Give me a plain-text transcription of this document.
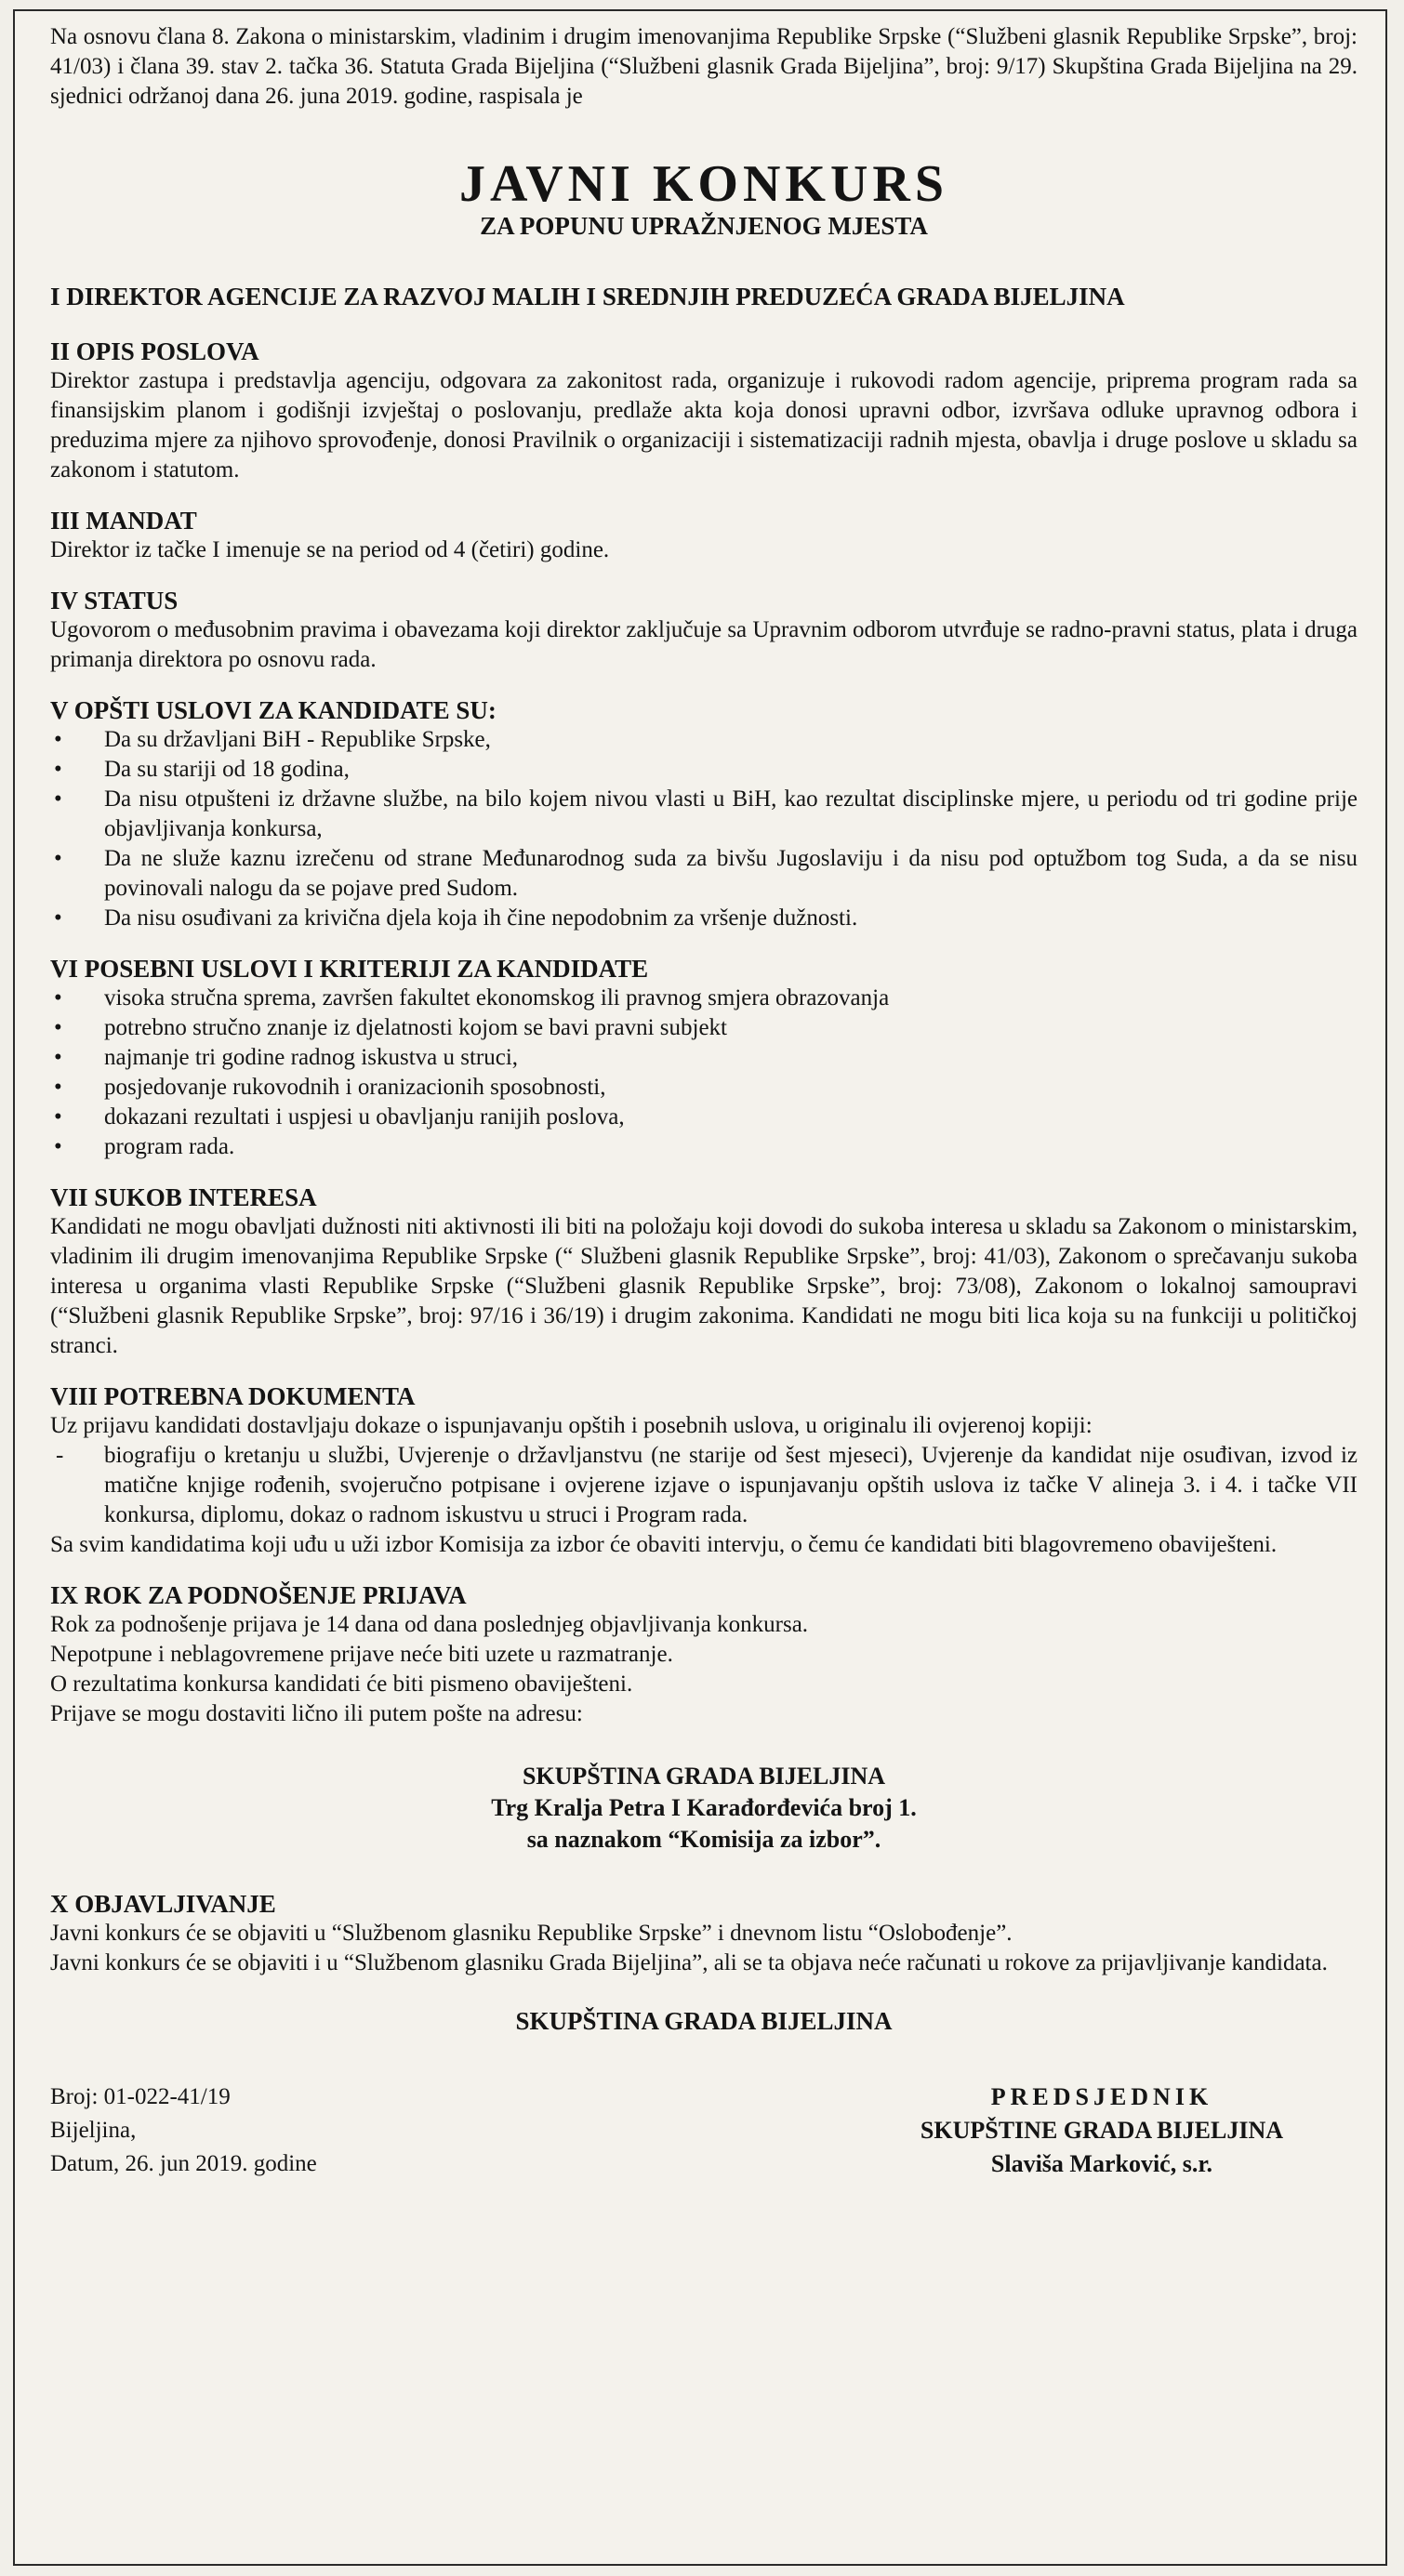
Na osnovu člana 8. Zakona o ministarskim, vladinim i drugim imenovanjima Republike Srpske (“Službeni glasnik Republike Srpske”, broj: 41/03) i člana 39. stav 2. tačka 36. Statuta Grada Bijeljina (“Službeni glasnik Grada Bijeljina”, broj: 9/17) Skupština Grada Bijeljina na 29. sjednici održanoj dana 26. juna 2019. godine, raspisala je

JAVNI KONKURS
ZA POPUNU UPRAŽNJENOG MJESTA
I DIREKTOR AGENCIJE ZA RAZVOJ MALIH I SREDNJIH PREDUZEĆA GRADA BIJELJINA
II OPIS POSLOVA

Direktor zastupa i predstavlja agenciju, odgovara za zakonitost rada, organizuje i rukovodi radom agencije, priprema program rada sa finansijskim planom i godišnji izvještaj o poslovanju, predlaže akta koja donosi upravni odbor, izvršava odluke upravnog odbora i preduzima mjere za njihovo sprovođenje, donosi Pravilnik o organizaciji i sistematizaciji radnih mjesta, obavlja i druge poslove u skladu sa zakonom i statutom.

III MANDAT

Direktor iz tačke I imenuje se na period od 4 (četiri) godine.

IV STATUS

Ugovorom o međusobnim pravima i obavezama koji direktor zaključuje sa Upravnim odborom utvrđuje se radno-pravni status, plata i druga primanja direktora po osnovu rada.

V OPŠTI USLOVI ZA KANDIDATE SU:
• Da su državljani BiH - Republike Srpske,
• Da su stariji od 18 godina,
• Da nisu otpušteni iz državne službe, na bilo kojem nivou vlasti u BiH, kao rezultat disciplinske mjere, u periodu od tri godine prije objavljivanja konkursa,
• Da ne služe kaznu izrečenu od strane Međunarodnog suda za bivšu Jugoslaviju i da nisu pod optužbom tog Suda, a da se nisu povinovali nalogu da se pojave pred Sudom.
• Da nisu osuđivani za krivična djela koja ih čine nepodobnim za vršenje dužnosti.
VI POSEBNI USLOVI I KRITERIJI ZA KANDIDATE
• visoka stručna sprema, završen fakultet ekonomskog ili pravnog smjera obrazovanja
• potrebno stručno znanje iz djelatnosti kojom se bavi pravni subjekt
• najmanje tri godine radnog iskustva u struci,
• posjedovanje rukovodnih i oranizacionih sposobnosti,
• dokazani rezultati i uspjesi u obavljanju ranijih poslova,
• program rada.
VII SUKOB INTERESA

Kandidati ne mogu obavljati dužnosti niti aktivnosti ili biti na položaju koji dovodi do sukoba interesa u skladu sa Zakonom o ministarskim, vladinim ili drugim imenovanjima Republike Srpske (“ Službeni glasnik Republike Srpske”, broj: 41/03), Zakonom o sprečavanju sukoba interesa u organima vlasti Republike Srpske (“Službeni glasnik Republike Srpske”, broj: 73/08), Zakonom o lokalnoj samoupravi (“Službeni glasnik Republike Srpske”, broj: 97/16 i 36/19) i drugim zakonima. Kandidati ne mogu biti lica koja su na funkciji u političkoj stranci.

VIII POTREBNA DOKUMENTA

Uz prijavu kandidati dostavljaju dokaze o ispunjavanju opštih i posebnih uslova, u originalu ili ovjerenoj kopiji:

- biografiju o kretanju u službi, Uvjerenje o državljanstvu (ne starije od šest mjeseci), Uvjerenje da kandidat nije osuđivan, izvod iz matične knjige rođenih, svojeručno potpisane i ovjerene izjave o ispunjavanju opštih uslova iz tačke V alineja 3. i 4. i tačke VII konkursa, diplomu, dokaz o radnom iskustvu u struci i Program rada.

Sa svim kandidatima koji uđu u uži izbor Komisija za izbor će obaviti intervju, o čemu će kandidati biti blagovremeno obaviješteni.

IX ROK ZA PODNOŠENJE PRIJAVA

Rok za podnošenje prijava je 14 dana od dana poslednjeg objavljivanja konkursa.

Nepotpune i neblagovremene prijave neće biti uzete u razmatranje.

O rezultatima konkursa kandidati će biti pismeno obaviješteni.

Prijave se mogu dostaviti lično ili putem pošte na adresu:

SKUPŠTINA GRADA BIJELJINA
Trg Kralja Petra I Karađorđevića broj 1.
sa naznakom “Komisija za izbor”.
X OBJAVLJIVANJE

Javni konkurs će se objaviti u “Službenom glasniku Republike Srpske” i dnevnom listu “Oslobođenje”.

Javni konkurs će se objaviti i u “Službenom glasniku Grada Bijeljina”, ali se ta objava neće računati u rokove za prijavljivanje kandidata.

SKUPŠTINA GRADA BIJELJINA
Broj: 01-022-41/19
Bijeljina,
Datum, 26. jun 2019. godine
PREDSJEDNIK
SKUPŠTINE GRADA BIJELJINA
Slaviša Marković, s.r.
